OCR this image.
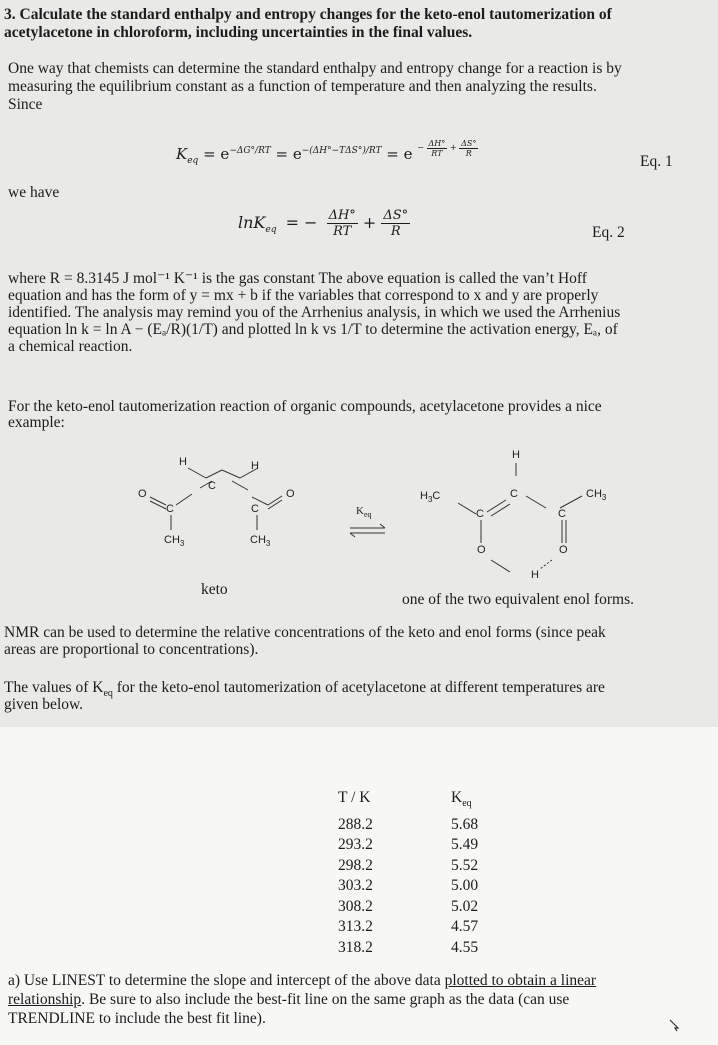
3. Calculate the standard enthalpy and entropy changes for the keto-enol tautomerization of

acetylacetone in chloroform, including uncertainties in the final values.

One way that chemists can determine the standard enthalpy and entropy change for a reaction is by

measuring the equilibrium constant as a function of temperature and then analyzing the results.

Since

$K_{eq} = e^{-\Delta G^\circ/RT} = e^{-(\Delta H^\circ-T\Delta S^\circ)/RT} = e$ $^{- \frac{\Delta H^\circ}{RT} + \frac{\Delta S^\circ}{R}}$

Eq. 1

we have

lnK$_{eq}$ = − $\frac{\Delta H^\circ}{RT} + \frac{\Delta S^\circ}{R}$	Eq. 2

where R = 8.3145 J mol⁻¹ K⁻¹ is the gas constant The above equation is called the van’t Hoff

equation and has the form of y = mx + b if the variables that correspond to x and y are properly

identified. The analysis may remind you of the Arrhenius analysis, in which we used the Arrhenius

equation ln k = ln A − (Eₐ/R)(1/T) and plotted ln k vs 1/T to determine the activation energy, Eₐ, of

a chemical reaction.

For the keto-enol tautomerization reaction of organic compounds, acetylacetone provides a nice

example:

H	H
C
O
C
O
C
$CH_3$	$CH_3$
$K_{eq}$
H
C
$H_3C$	$CH_3$
C	C
O	O
H

keto

one of the two equivalent enol forms.

NMR can be used to determine the relative concentrations of the keto and enol forms (since peak

areas are proportional to concentrations).

The values of $K_{eq}$ for the keto-enol tautomerization of acetylacetone at different temperatures are

given below.

T / K	$K_{eq}$
288.2	5.68
293.2	5.49
298.2	5.52
303.2	5.00
308.2	5.02
313.2	4.57
318.2	4.55

a) Use LINEST to determine the slope and intercept of the above data plotted to obtain a linear

relationship. Be sure to also include the best-fit line on the same graph as the data (can use

TRENDLINE to include the best fit line).
